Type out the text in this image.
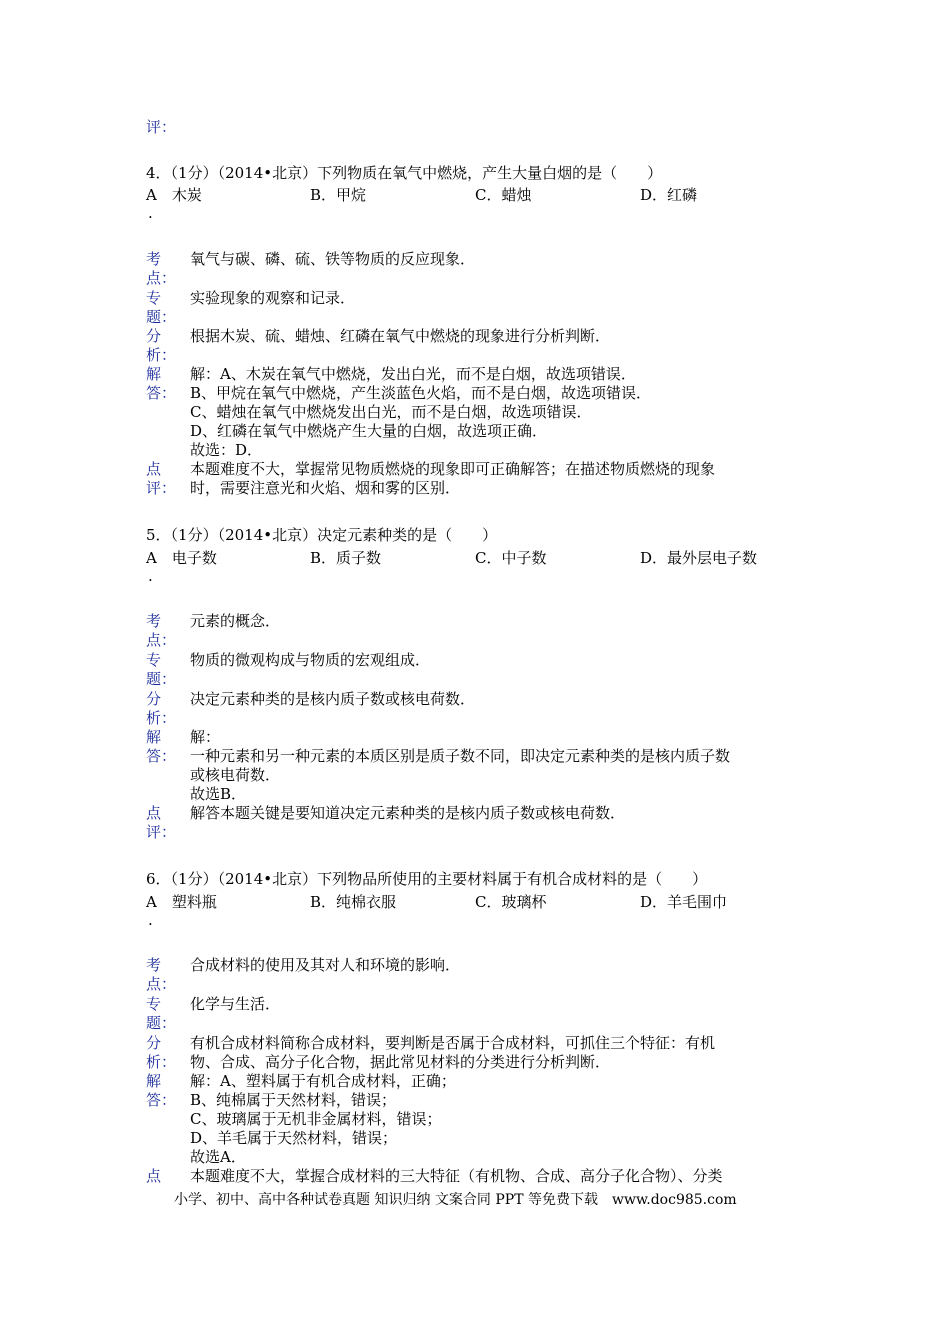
评：
4．（1分）（2014•北京）下列物质在氧气中燃烧，产生大量白烟的是（　　）
A　木炭	B．甲烷	C．蜡烛	D．红磷
.
考
点：
氧气与碳、磷、硫、铁等物质的反应现象．
专
题：
实验现象的观察和记录．
分
析：
根据木炭、硫、蜡烛、红磷在氧气中燃烧的现象进行分析判断．
解
答：
解：A、木炭在氧气中燃烧，发出白光，而不是白烟，故选项错误．
B、甲烷在氧气中燃烧，产生淡蓝色火焰，而不是白烟，故选项错误．
C、蜡烛在氧气中燃烧发出白光，而不是白烟，故选项错误．
D、红磷在氧气中燃烧产生大量的白烟，故选项正确．
故选：D．
点
评：
本题难度不大，掌握常见物质燃烧的现象即可正确解答；在描述物质燃烧的现象
时，需要注意光和火焰、烟和雾的区别．
5．（1分）（2014•北京）决定元素种类的是（　　）
A　电子数	B．质子数	C．中子数	D．最外层电子数
.
考
点：
元素的概念．
专
题：
物质的微观构成与物质的宏观组成．
分
析：
决定元素种类的是核内质子数或核电荷数．
解
答：
解：
一种元素和另一种元素的本质区别是质子数不同，即决定元素种类的是核内质子数
或核电荷数．
故选B．
点
评：
解答本题关键是要知道决定元素种类的是核内质子数或核电荷数．
6．（1分）（2014•北京）下列物品所使用的主要材料属于有机合成材料的是（　　）
A　塑料瓶	B．纯棉衣服	C．玻璃杯	D．羊毛围巾
.
考
点：
合成材料的使用及其对人和环境的影响．
专
题：
化学与生活．
分
析：
有机合成材料简称合成材料，要判断是否属于合成材料，可抓住三个特征：有机
物、合成、高分子化合物，据此常见材料的分类进行分析判断．
解
答：
解：A、塑料属于有机合成材料，正确；
B、纯棉属于天然材料，错误；
C、玻璃属于无机非金属材料，错误；
D、羊毛属于天然材料，错误；
故选A．
点 本题难度不大，掌握合成材料的三大特征（有机物、合成、高分子化合物）、分类
小学、初中、高中各种试卷真题 知识归纳 文案合同 PPT 等免费下载　www.doc985.com
